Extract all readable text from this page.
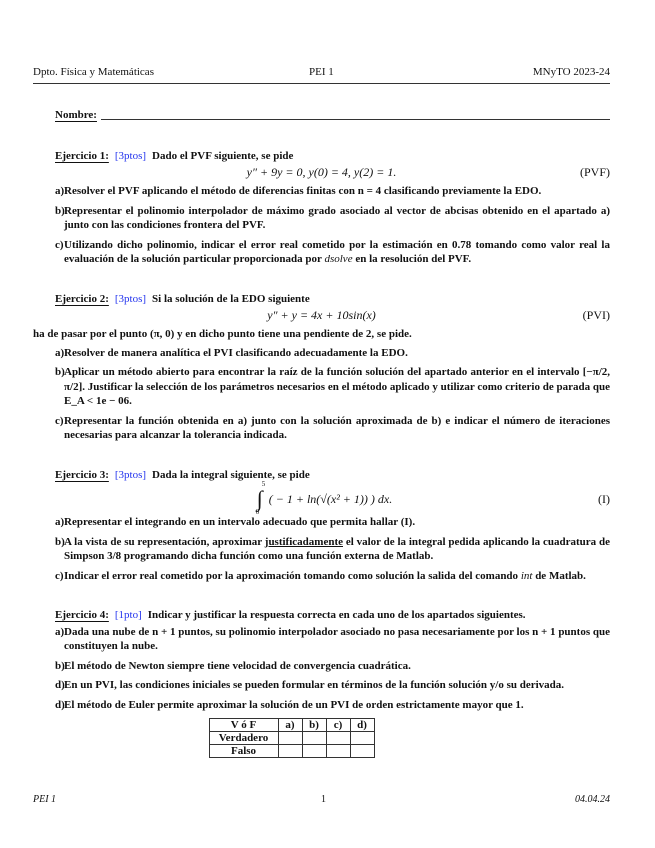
Dpto. Física y Matemáticas	PEI 1	MNyTO 2023-24
Nombre:
Ejercicio 1: [3ptos] Dado el PVF siguiente, se pide
y″ + 9y = 0, y(0) = 4, y(2) = 1.	(PVF)
a) Resolver el PVF aplicando el método de diferencias finitas con n = 4 clasificando previamente la EDO.
b) Representar el polinomio interpolador de máximo grado asociado al vector de abcisas obtenido en el apartado a) junto con las condiciones frontera del PVF.
c) Utilizando dicho polinomio, indicar el error real cometido por la estimación en 0.78 tomando como valor real la evaluación de la solución particular proporcionada por dsolve en la resolución del PVF.
Ejercicio 2: [3ptos] Si la solución de la EDO siguiente
y″ + y = 4x + 10sin(x)	(PVI)
ha de pasar por el punto (π, 0) y en dicho punto tiene una pendiente de 2, se pide.
a) Resolver de manera analítica el PVI clasificando adecuadamente la EDO.
b) Aplicar un método abierto para encontrar la raíz de la función solución del apartado anterior en el intervalo [−π/2, π/2]. Justificar la selección de los parámetros necesarios en el método aplicado y utilizar como criterio de parada que E_A < 1e − 06.
c) Representar la función obtenida en a) junto con la solución aproximada de b) e indicar el número de iteraciones necesarias para alcanzar la tolerancia indicada.
Ejercicio 3: [3ptos] Dada la integral siguiente, se pide
∫
5
0
( − 1 + ln(√(x² + 1)) ) dx.	(I)
a) Representar el integrando en un intervalo adecuado que permita hallar (I).
b) A la vista de su representación, aproximar justificadamente el valor de la integral pedida aplicando la cuadratura de Simpson 3/8 programando dicha función como una función externa de Matlab.
c) Indicar el error real cometido por la aproximación tomando como solución la salida del comando int de Matlab.
Ejercicio 4: [1pto] Indicar y justificar la respuesta correcta en cada uno de los apartados siguientes.
a) Dada una nube de n + 1 puntos, su polinomio interpolador asociado no pasa necesariamente por los n + 1 puntos que constituyen la nube.
b) El método de Newton siempre tiene velocidad de convergencia cuadrática.
d) En un PVI, las condiciones iniciales se pueden formular en términos de la función solución y/o su derivada.
d) El método de Euler permite aproximar la solución de un PVI de orden estrictamente mayor que 1.
V ó F	a)	b)	c)	d)
Verdadero				
Falso				
PEI 1	1	04.04.24
